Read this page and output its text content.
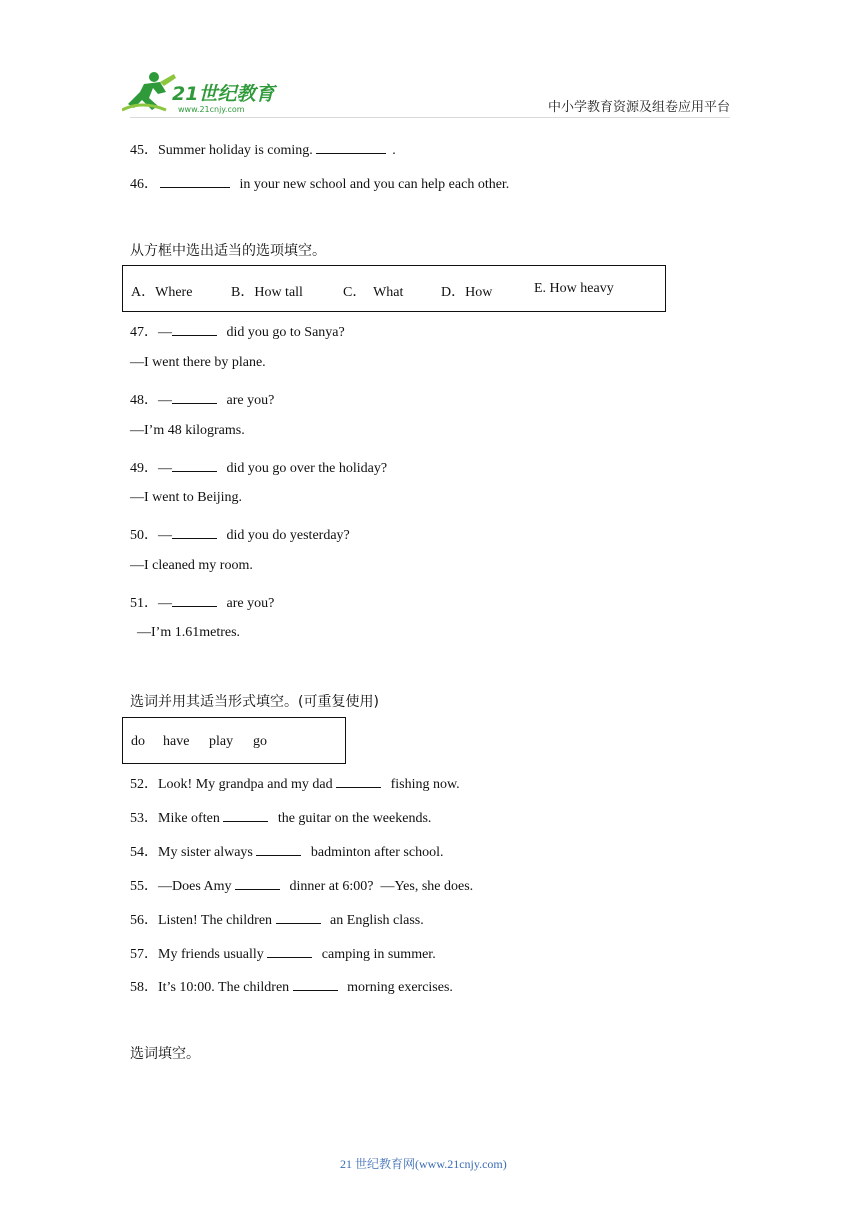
21世纪教育
www.21cnjy.com	中小学教育资源及组卷应用平台
45．Summer holiday is coming.	.
46．	in your new school and you can help each other.
从方框中选出适当的选项填空。
A．Where	B．How tall	C．  What	D．How	E. How heavy
47．—	did you go to Sanya?
—I went there by plane.
48．—	are you?
—I’m 48 kilograms.
49．—	did you go over the holiday?
—I went to Beijing.
50．—	did you do yesterday?
—I cleaned my room.
51．—	are you?
—I’m 1.61metres.
选词并用其适当形式填空。(可重复使用)
do have play go
52．Look! My grandpa and my dad	fishing now.
53．Mike often	the guitar on the weekends.
54．My sister always	badminton after school.
55．—Does Amy	dinner at 6:00?  —Yes, she does.
56．Listen! The children	an English class.
57．My friends usually	camping in summer.
58．It’s 10:00. The children	morning exercises.
选词填空。
21 世纪教育网(www.21cnjy.com)
